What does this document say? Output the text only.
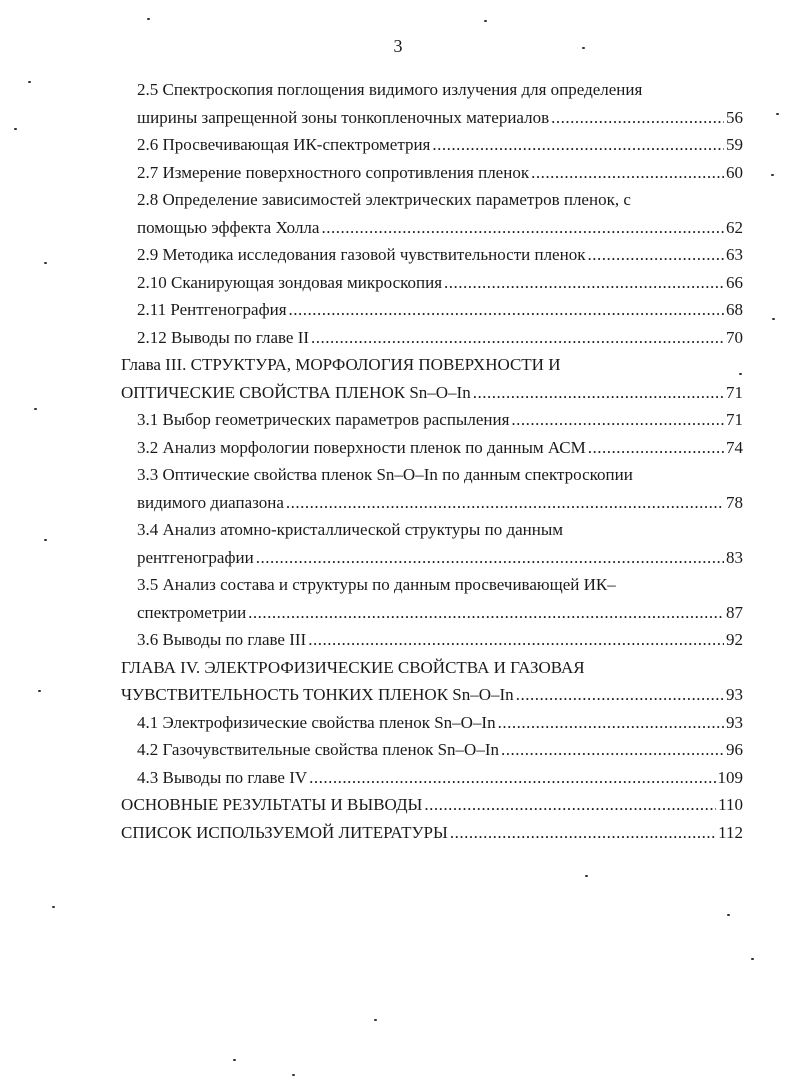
3
2.5 Спектроскопия поглощения видимого излучения для определения
ширины запрещенной зоны тонкопленочных материалов .....	56
2.6 Просвечивающая ИК-спектрометрия .....	59
2.7 Измерение поверхностного сопротивления пленок .....	60
2.8 Определение зависимостей электрических параметров пленок, с
помощью эффекта Холла .....	62
2.9 Методика исследования газовой чувствительности пленок .....	63
2.10 Сканирующая зондовая микроскопия .....	66
2.11 Рентгенография .....	68
2.12 Выводы по главе II .....	70
Глава III. СТРУКТУРА, МОРФОЛОГИЯ ПОВЕРХНОСТИ И
ОПТИЧЕСКИЕ СВОЙСТВА ПЛЕНОК Sn–O–In .....	71
3.1 Выбор геометрических параметров распыления .....	71
3.2 Анализ морфологии поверхности пленок по данным АСМ .....	74
3.3 Оптические свойства пленок Sn–O–In по данным спектроскопии
видимого диапазона .....	78
3.4 Анализ атомно-кристаллической структуры по данным
рентгенографии .....	83
3.5 Анализ состава и структуры по данным просвечивающей ИК–
спектрометрии .....	87
3.6 Выводы по главе III .....	92
ГЛАВА IV. ЭЛЕКТРОФИЗИЧЕСКИЕ СВОЙСТВА И ГАЗОВАЯ
ЧУВСТВИТЕЛЬНОСТЬ ТОНКИХ ПЛЕНОК Sn–O–In .....	93
4.1 Электрофизические свойства пленок Sn–O–In .....	93
4.2 Газочувствительные свойства пленок Sn–O–In .....	96
4.3 Выводы по главе IV .....	109
ОСНОВНЫЕ РЕЗУЛЬТАТЫ И ВЫВОДЫ .....	110
СПИСОК ИСПОЛЬЗУЕМОЙ ЛИТЕРАТУРЫ .....	112
